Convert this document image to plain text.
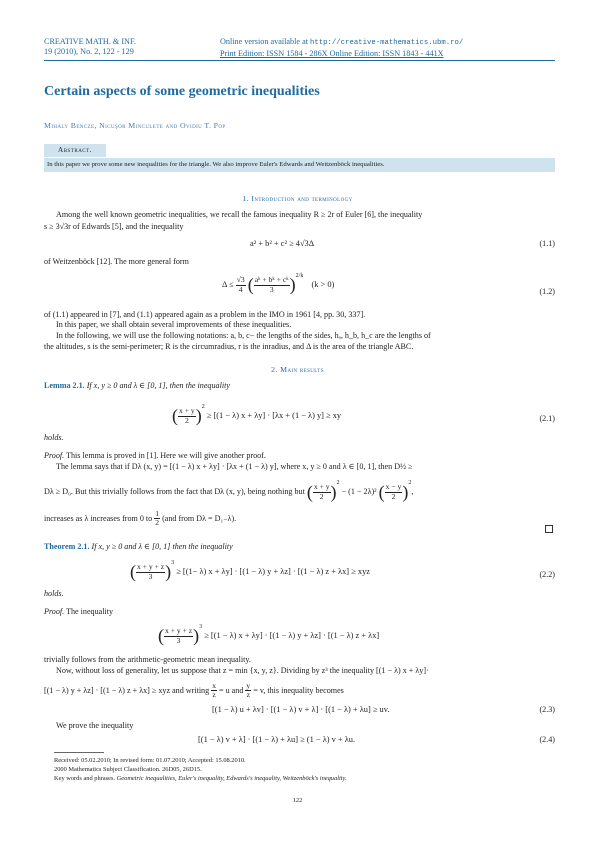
CREATIVE MATH. & INF.
19 (2010), No. 2, 122 - 129
Online version available at http://creative-mathematics.ubm.ro/
Print Edition: ISSN 1584 - 286X Online Edition: ISSN 1843 - 441X
Certain aspects of some geometric inequalities
Mihály Bencze, Nicuşor Minculete and Ovidiu T. Pop
Abstract.
In this paper we prove some new inequalities for the triangle. We also improve Euler's Edwards and Weitzenböck inequalities.
1. Introduction and terminology
Among the well known geometric inequalities, we recall the famous inequality R ≥ 2r of Euler [6], the inequality
s ≥ 3√3r of Edwards [5], and the inequality
a² + b² + c² ≥ 4√3Δ	(1.1)
of Weitzenböck [12]. The more general form
$\Delta \le \frac{√3}{4}$ ( $\frac{\text{aᵏ + bᵏ + cᵏ}}{3} )^{2/k}$ (k > 0)
(1.2)
of (1.1) appeared in [7], and (1.1) appeared again as a problem in the IMO in 1961 [4, pp. 30, 337].
In this paper, we shall obtain several improvements of these inequalities.
In the following, we will use the following notations: a, b, c− the lengths of the sides, hₐ, h_b, h_c are the lengths of
the altitudes, s is the semi-perimeter; R is the circumradius, r is the inradius, and Δ is the area of the triangle ABC.
2. Main results
Lemma 2.1. If x, y ≥ 0 and λ ∈ [0, 1], then the inequality
( $\frac{x + y}{2} )^2 \ge [(1 - \lambda)$ x + λy] · [λx + (1 − λ) y] ≥ xy	(2.1)
holds.
Proof. This lemma is proved in [1]. Here we will give another proof.
The lemma says that if Dλ (x, y) = [(1 − λ) x + λy] · [λx + (1 − λ) y], where x, y ≥ 0 and λ ∈ [0, 1], then D½ ≥
Dλ ≥ D₀. But this trivially follows from the fact that Dλ (x, y), being nothing but ( $\frac{x + y}{2} )^2 - (1 - 2\lambda)^2$ ( $\frac{x - y}{2} )^2$,
increases as λ increases from 0 to $\frac{1}{2} (and$ from Dλ = D₁₋λ).
Theorem 2.1. If x, y ≥ 0 and λ ∈ [0, 1] then the inequality
( $\frac{x + y + z}{3} )^3 \ge [(1- \lambda)$ x + λy] · [(1 − λ) y + λz] · [(1 − λ) z + λx] ≥ xyz	(2.2)
holds.
Proof. The inequality
( $\frac{x + y + z}{3} )^3 \ge [(1 - \lambda)$ x + λy] · [(1 − λ) y + λz] · [(1 − λ) z + λx]
trivially follows from the arithmetic-geometric mean inequality.
Now, without loss of generality, let us suppose that z = min {x, y, z}. Dividing by z³ the inequality [(1 − λ) x + λy]·
[(1 − λ) y + λz] · [(1 − λ) z + λx] ≥ xyz and writing $\frac{x}{z} = u$ and $\frac{y}{z} = v$, this inequality becomes
[(1 − λ) u + λv] · [(1 − λ) v + λ] · [(1 − λ) + λu] ≥ uv.	(2.3)
We prove the inequality
[(1 − λ) v + λ] · [(1 − λ) + λu] ≥ (1 − λ) v + λu.	(2.4)
Received: 05.02.2010; In revised form: 01.07.2010; Accepted: 15.08.2010.
2000 Mathematics Subject Classification. 26D05, 26D15.
Key words and phrases. Geometric inequalities, Euler's inequality, Edwards's inequality, Weitzenböck's inequality.
122
